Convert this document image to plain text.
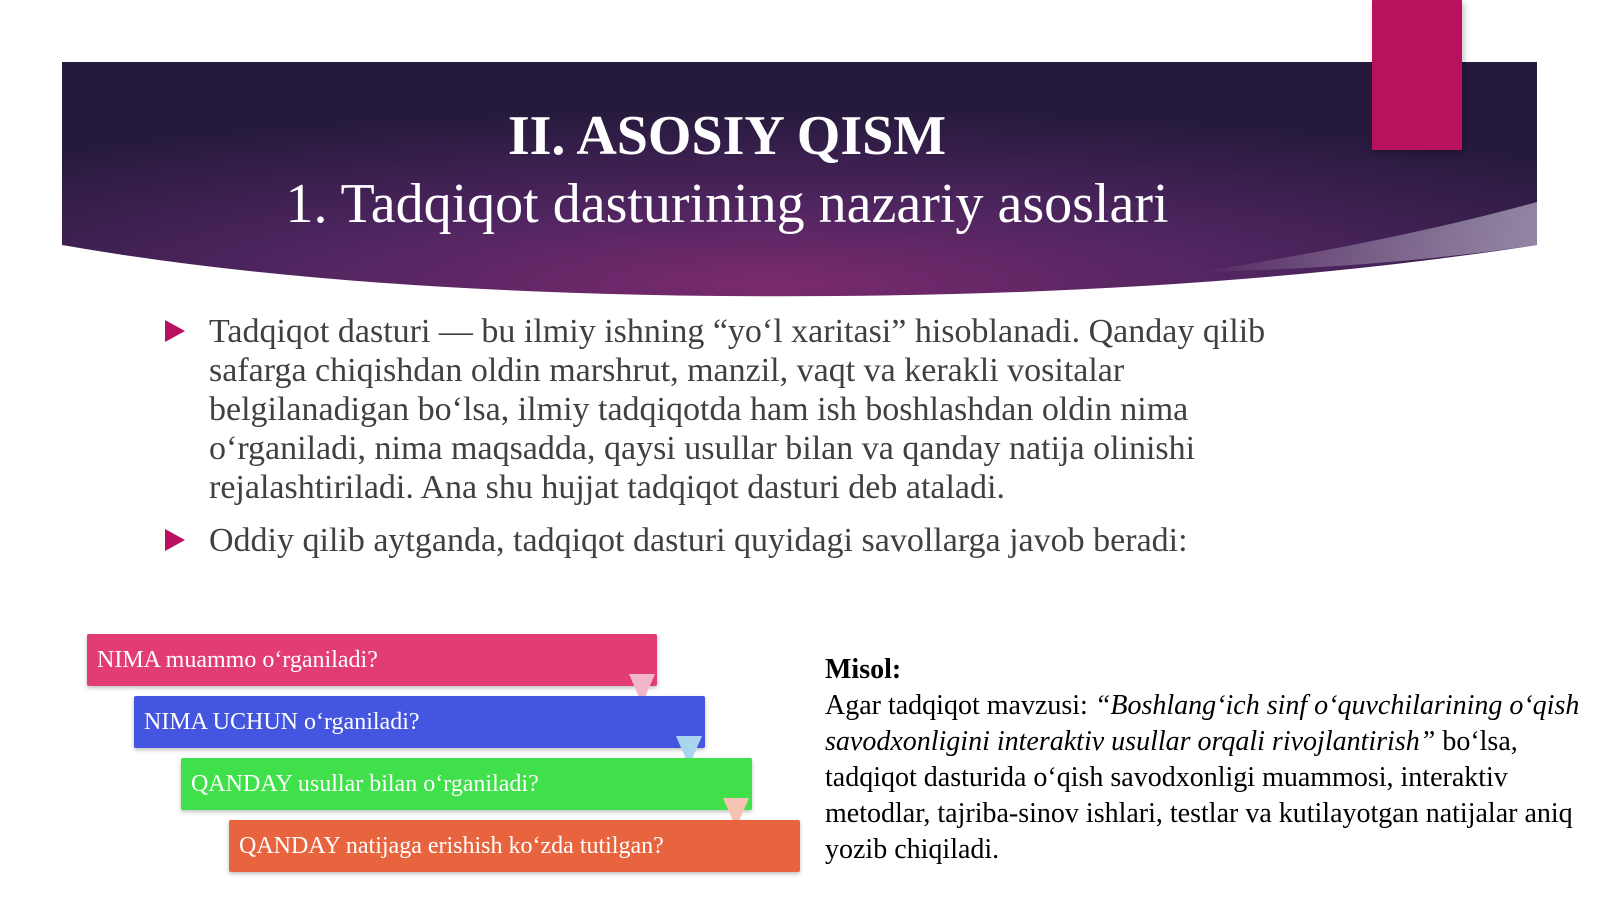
II. ASOSIY QISM
1. Tadqiqot dasturining nazariy asoslari
Tadqiqot dasturi — bu ilmiy ishning “yo‘l xaritasi” hisoblanadi. Qanday qilib safarga chiqishdan oldin marshrut, manzil, vaqt va kerakli vositalar belgilanadigan bo‘lsa, ilmiy tadqiqotda ham ish boshlashdan oldin nima o‘rganiladi, nima maqsadda, qaysi usullar bilan va qanday natija olinishi rejalashtiriladi. Ana shu hujjat tadqiqot dasturi deb ataladi.
Oddiy qilib aytganda, tadqiqot dasturi quyidagi savollarga javob beradi:
NIMA muammo o‘rganiladi?
NIMA UCHUN o‘rganiladi?
QANDAY usullar bilan o‘rganiladi?
QANDAY natijaga erishish ko‘zda tutilgan?
Misol:
Agar tadqiqot mavzusi: “Boshlang‘ich sinf o‘quvchilarining o‘qish savodxonligini interaktiv usullar orqali rivojlantirish” bo‘lsa, tadqiqot dasturida o‘qish savodxonligi muammosi, interaktiv metodlar, tajriba-sinov ishlari, testlar va kutilayotgan natijalar aniq yozib chiqiladi.
